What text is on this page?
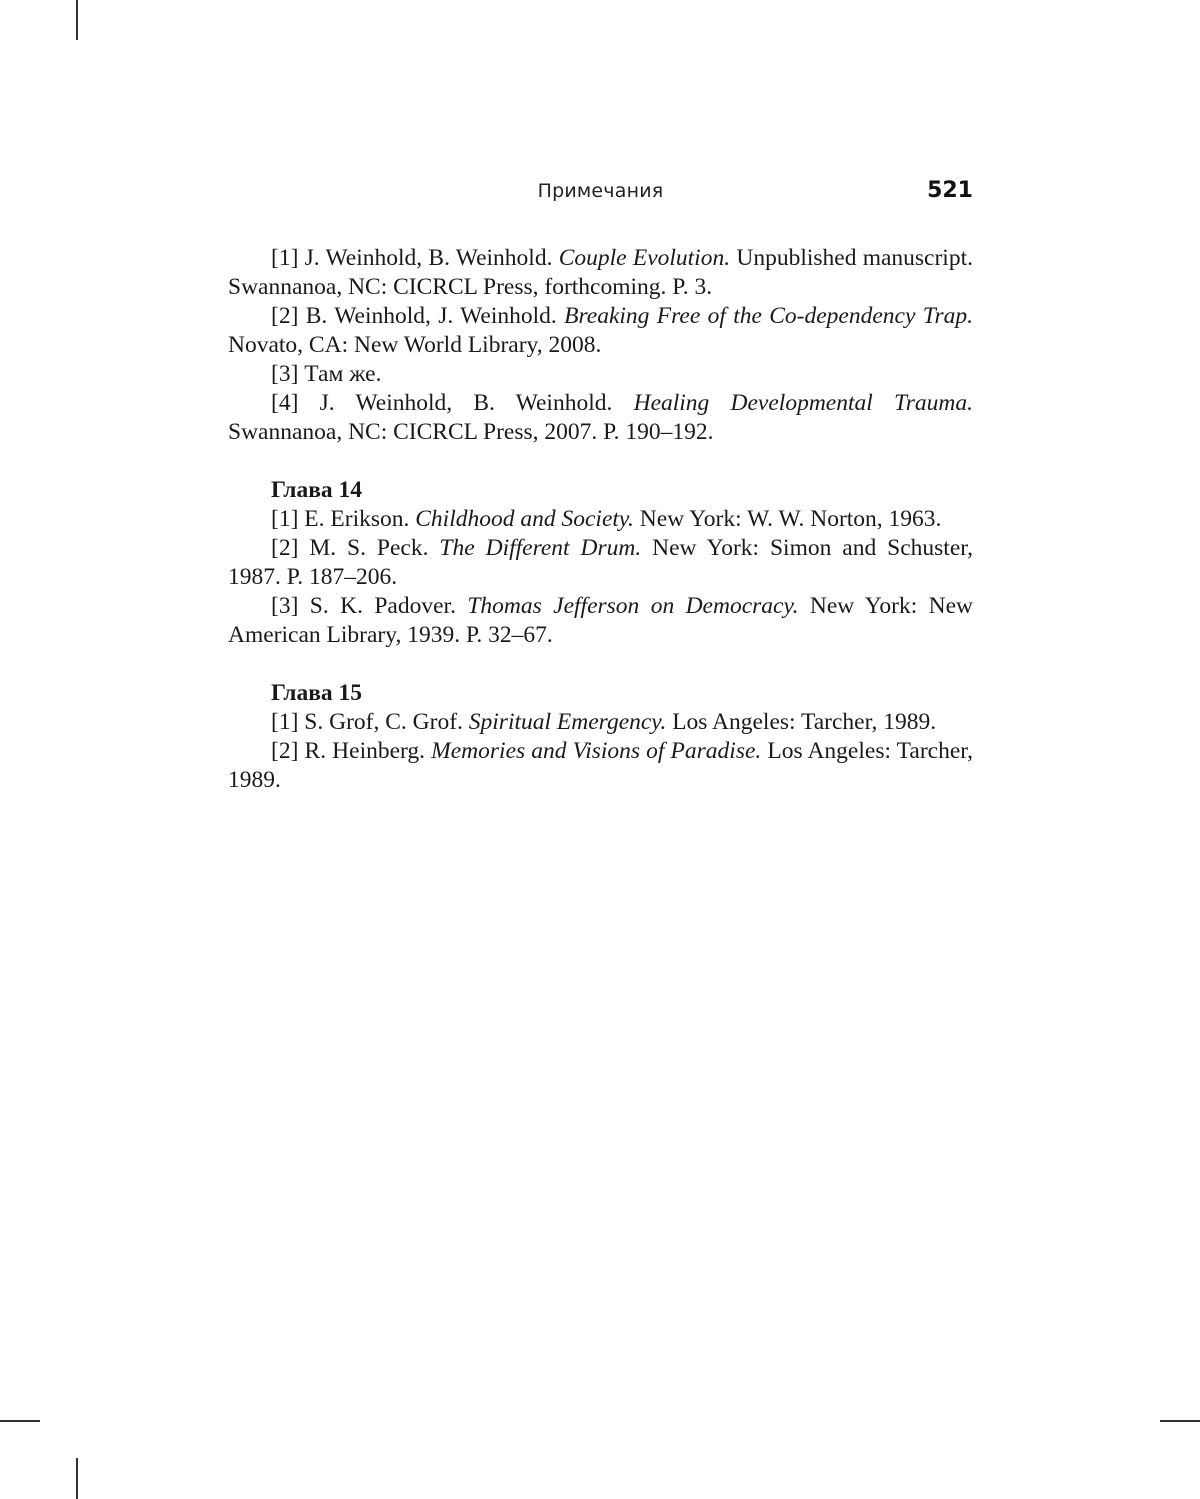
Примечания	521

[1] J. Weinhold, B. Weinhold. Couple Evolution. Unpublished manuscript. Swannanoa, NC: CICRCL Press, forthcoming. P. 3.

[2] B. Weinhold, J. Weinhold. Breaking Free of the Co-dependency Trap. Novato, CA: New World Library, 2008.

[3] Там же.

[4] J. Weinhold, B. Weinhold. Healing Developmental Trauma. Swannanoa, NC: CICRCL Press, 2007. P. 190–192.

Глава 14

[1] E. Erikson. Childhood and Society. New York: W. W. Norton, 1963.

[2] M. S. Peck. The Different Drum. New York: Simon and Schuster, 1987. P. 187–206.

[3] S. K. Padover. Thomas Jefferson on Democracy. New York: New American Library, 1939. P. 32–67.

Глава 15

[1] S. Grof, C. Grof. Spiritual Emergency. Los Angeles: Tarcher, 1989.

[2] R. Heinberg. Memories and Visions of Paradise. Los Angeles: Tarcher, 1989.
